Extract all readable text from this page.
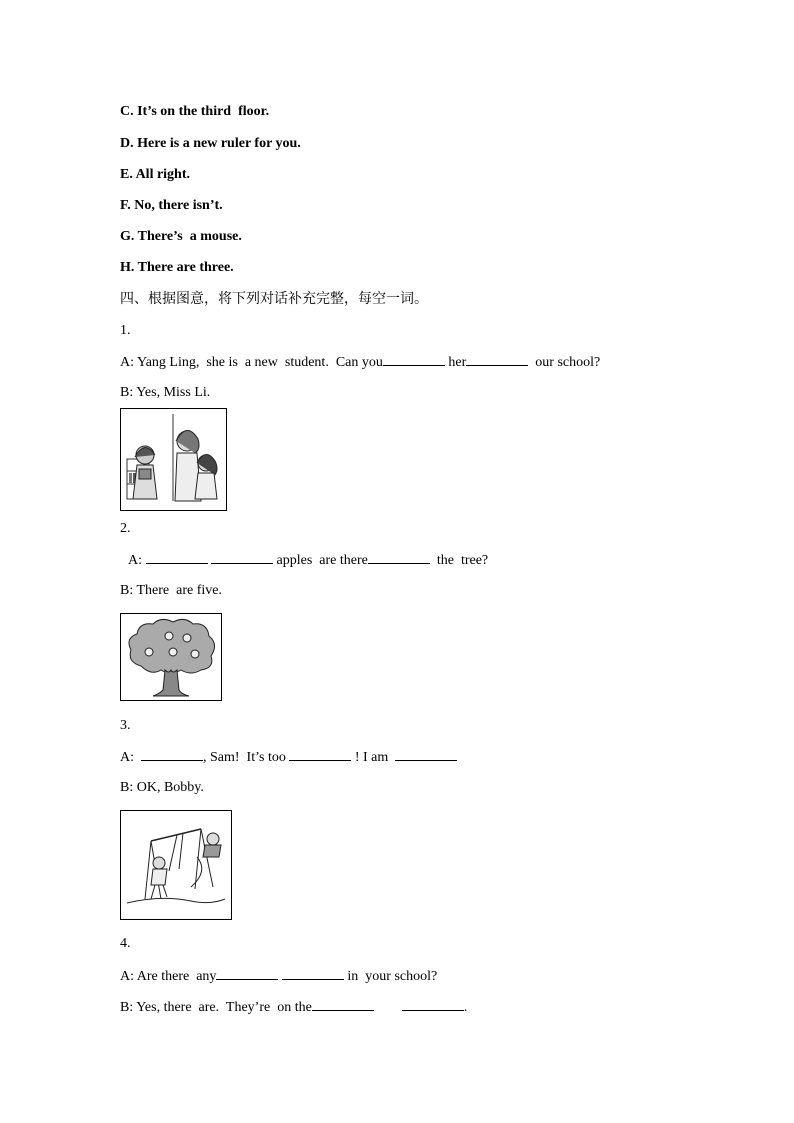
C. It’s on the third  floor.
D. Here is a new ruler for you.
E. All right.
F. No, there isn’t.
G. There’s  a mouse.
H. There are three.
四、根据图意，将下列对话补充完整，每空一词。
1.
A: Yang Ling,  she is  a new  student.  Can you	her	our school?
B: Yes, Miss Li.
2.
A:	apples  are there	the  tree?
B: There  are five.
3.
A:	, Sam!  It’s too	! I am
B: OK, Bobby.
4.
A: Are there  any	in  your school?
B: Yes, there  are.  They’re  on the	.
